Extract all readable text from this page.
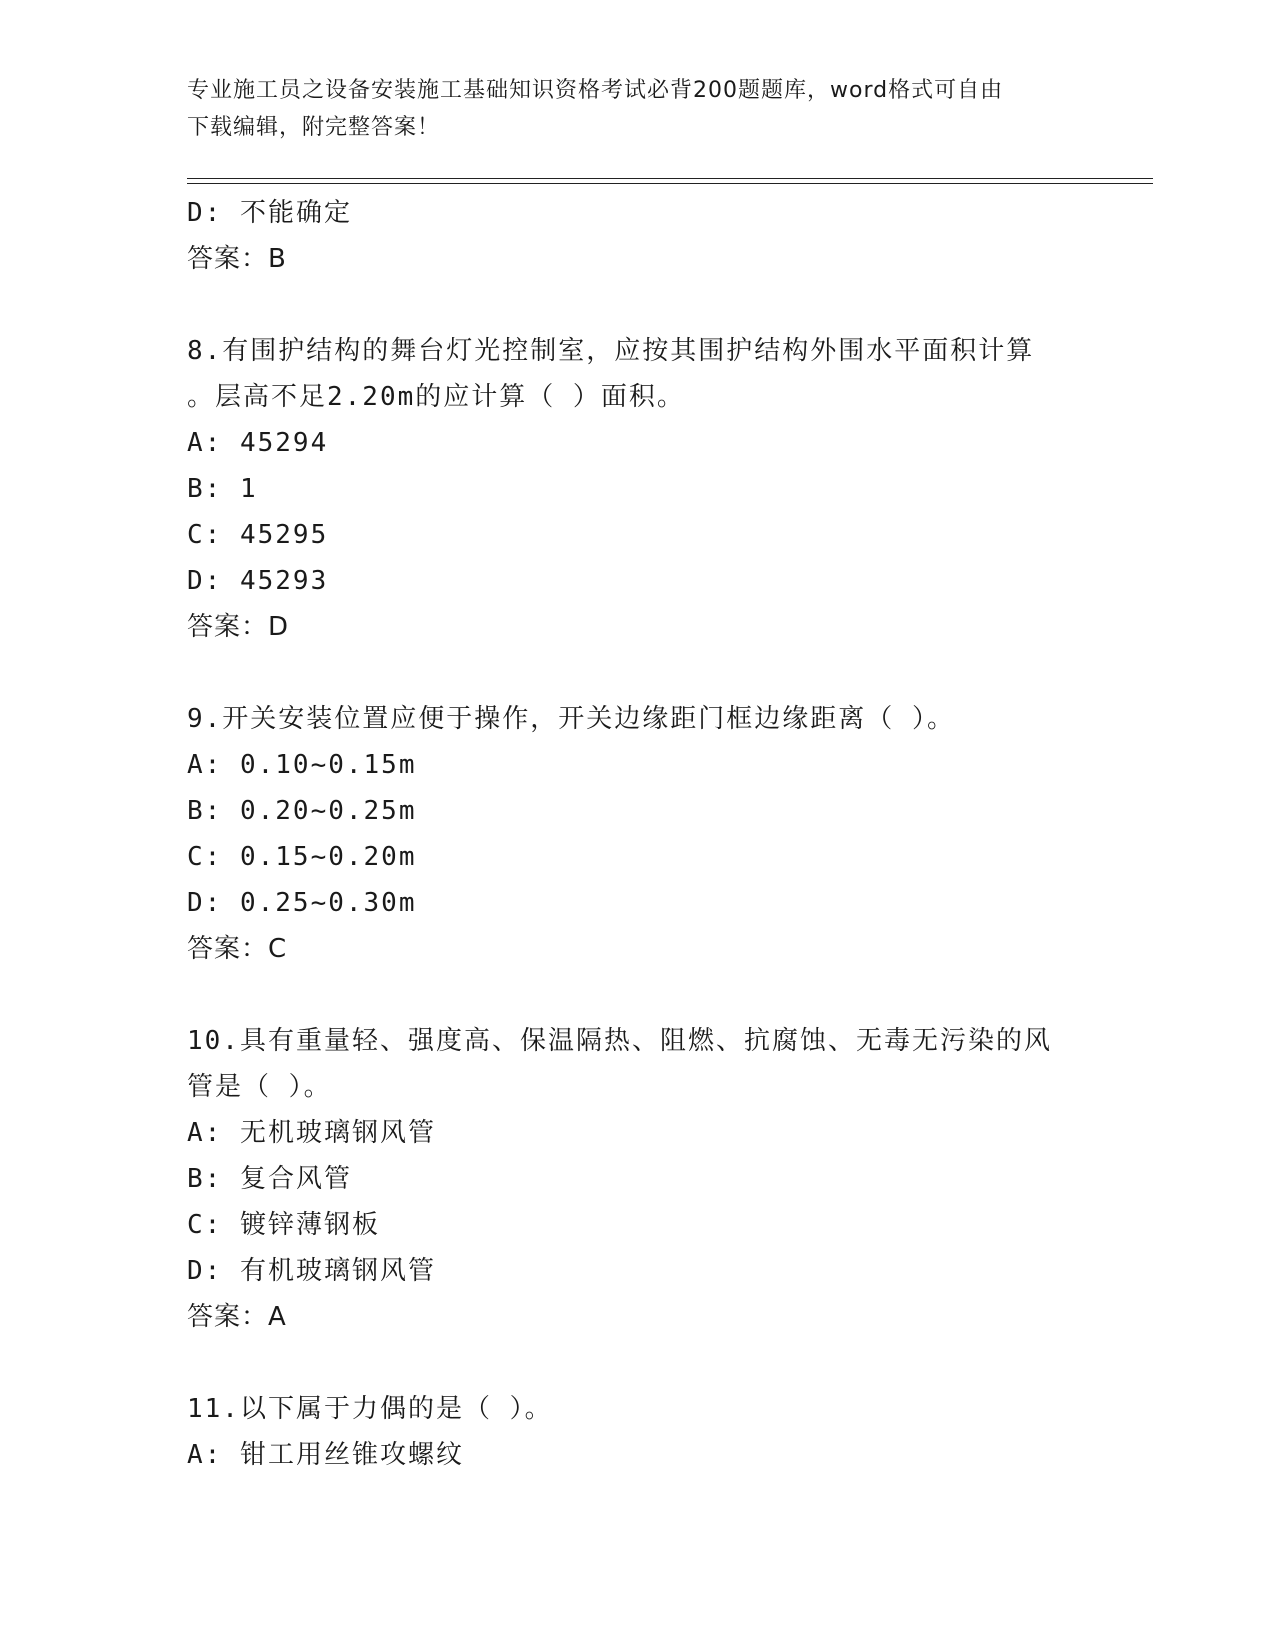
专业施工员之设备安装施工基础知识资格考试必背200题题库，word格式可自由
下载编辑，附完整答案！
D: 不能确定
答案：B
8.有围护结构的舞台灯光控制室，应按其围护结构外围水平面积计算
。层高不足2.20m的应计算（ ）面积。
A: 45294
B: 1
C: 45295
D: 45293
答案：D
9.开关安装位置应便于操作，开关边缘距门框边缘距离（ ）。
A: 0.10~0.15m
B: 0.20~0.25m
C: 0.15~0.20m
D: 0.25~0.30m
答案：C
10.具有重量轻、强度高、保温隔热、阻燃、抗腐蚀、无毒无污染的风
管是（ ）。
A: 无机玻璃钢风管
B: 复合风管
C: 镀锌薄钢板
D: 有机玻璃钢风管
答案：A
11.以下属于力偶的是（ ）。
A: 钳工用丝锥攻螺纹
